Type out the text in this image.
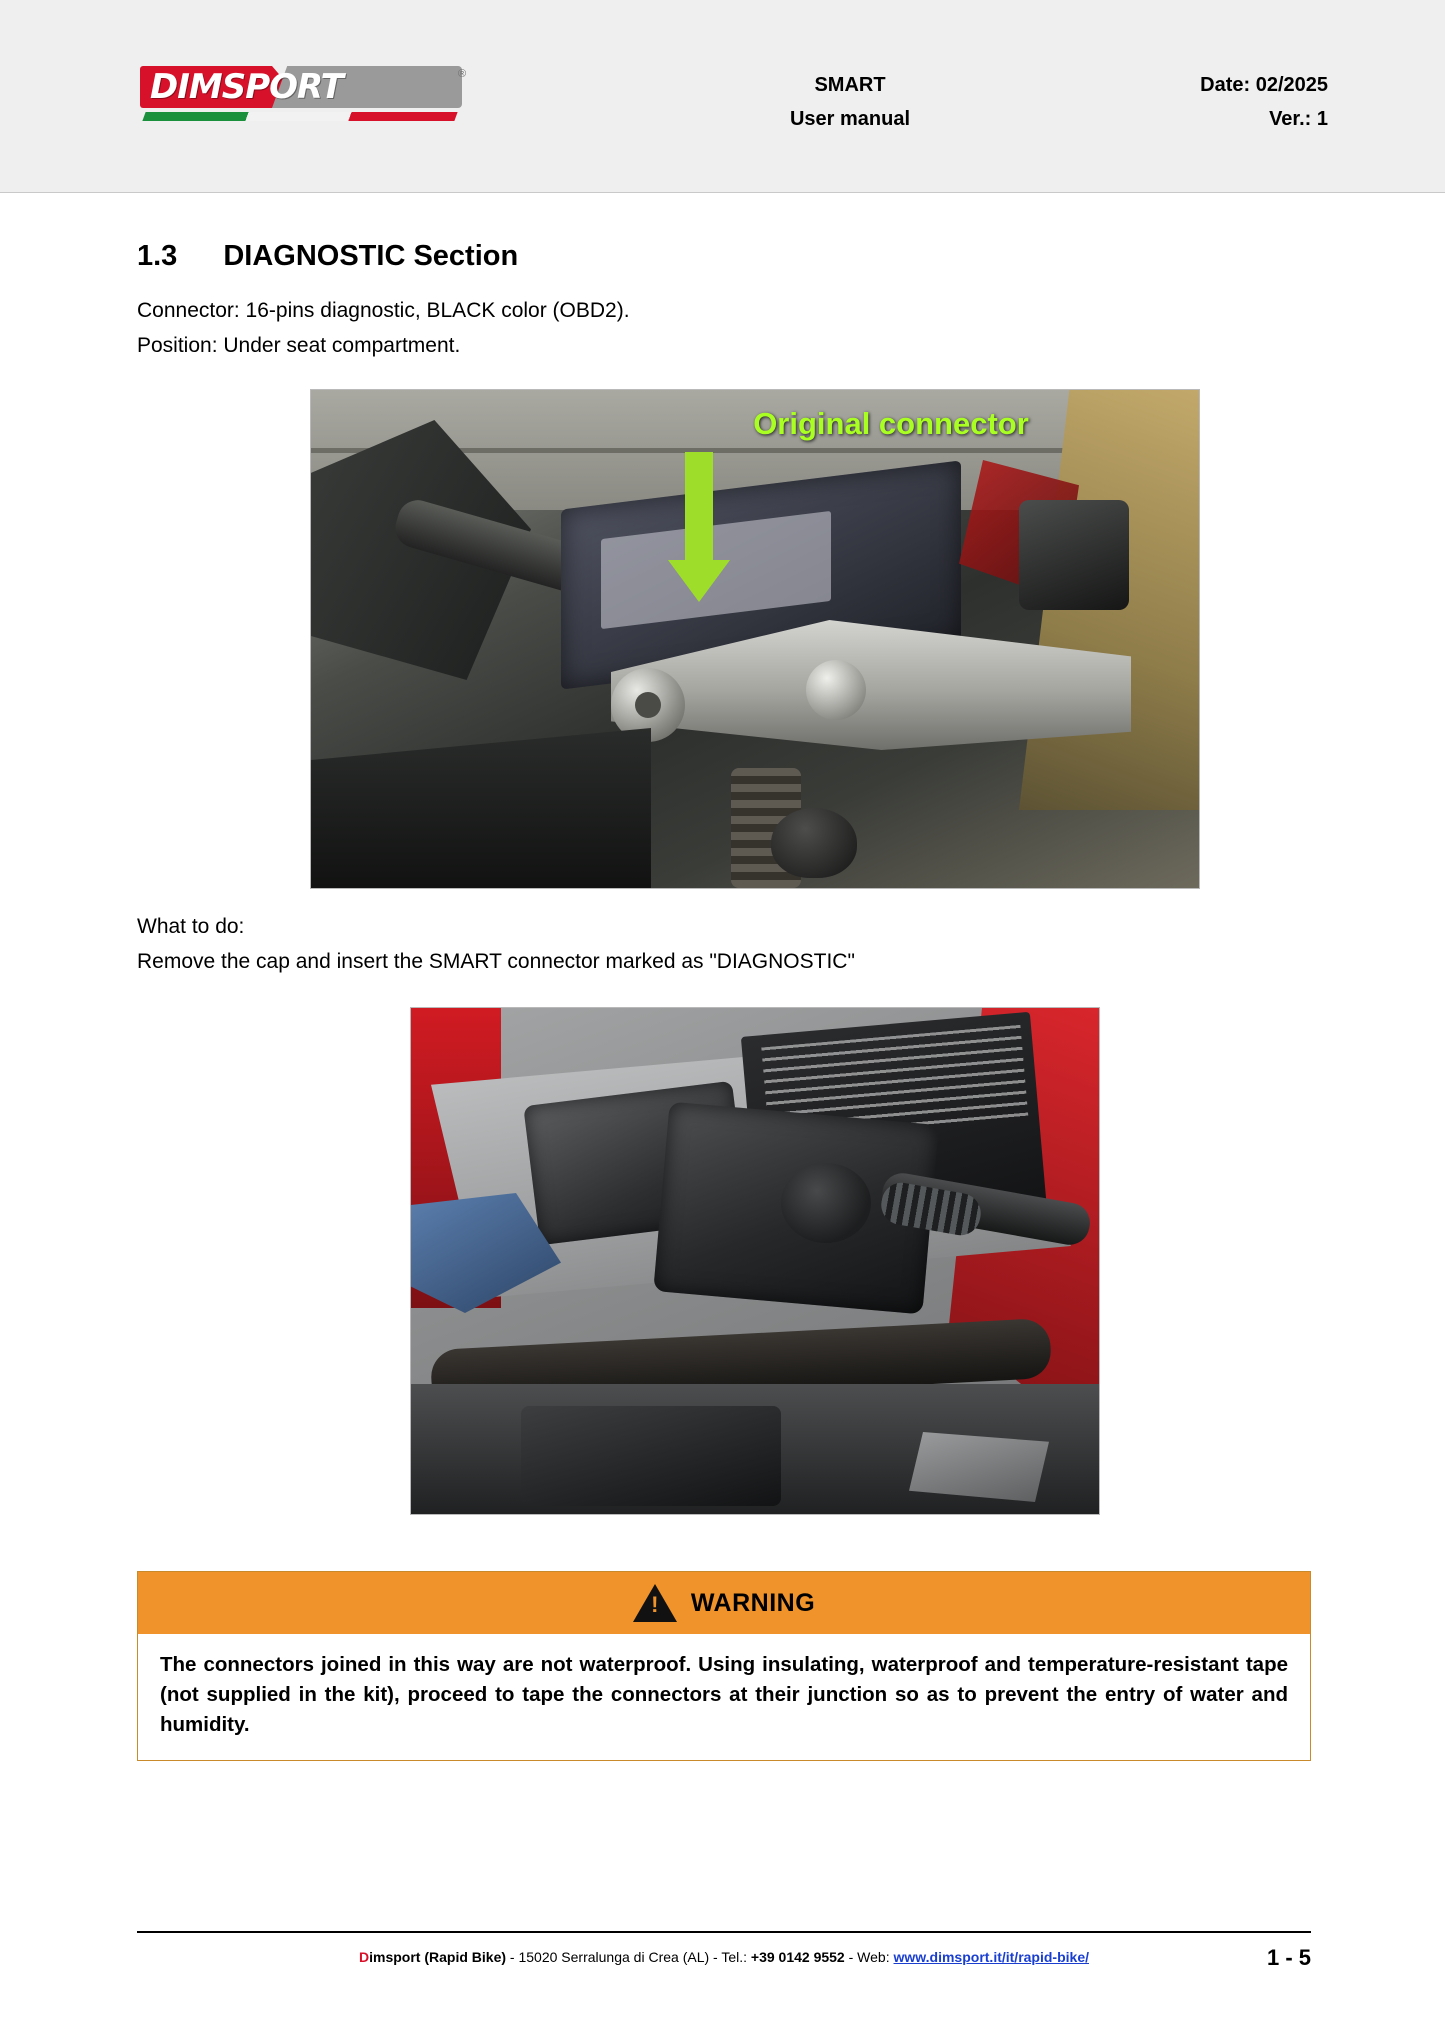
DIMSPORT	®	SMART
User manual
Date: 02/2025
Ver.: 1
1.3 DIAGNOSTIC Section
Connector: 16-pins diagnostic, BLACK color (OBD2).
Position: Under seat compartment.
Original connector
What to do:
Remove the cap and insert the SMART connector marked as "DIAGNOSTIC"
!
WARNING
The connectors joined in this way are not waterproof. Using insulating, waterproof and temperature-resistant tape (not supplied in the kit), proceed to tape the connectors at their junction so as to prevent the entry of water and humidity.
Dimsport (Rapid Bike) - 15020 Serralunga di Crea (AL) - Tel.: +39 0142 9552 - Web: www.dimsport.it/it/rapid-bike/	1 - 5
